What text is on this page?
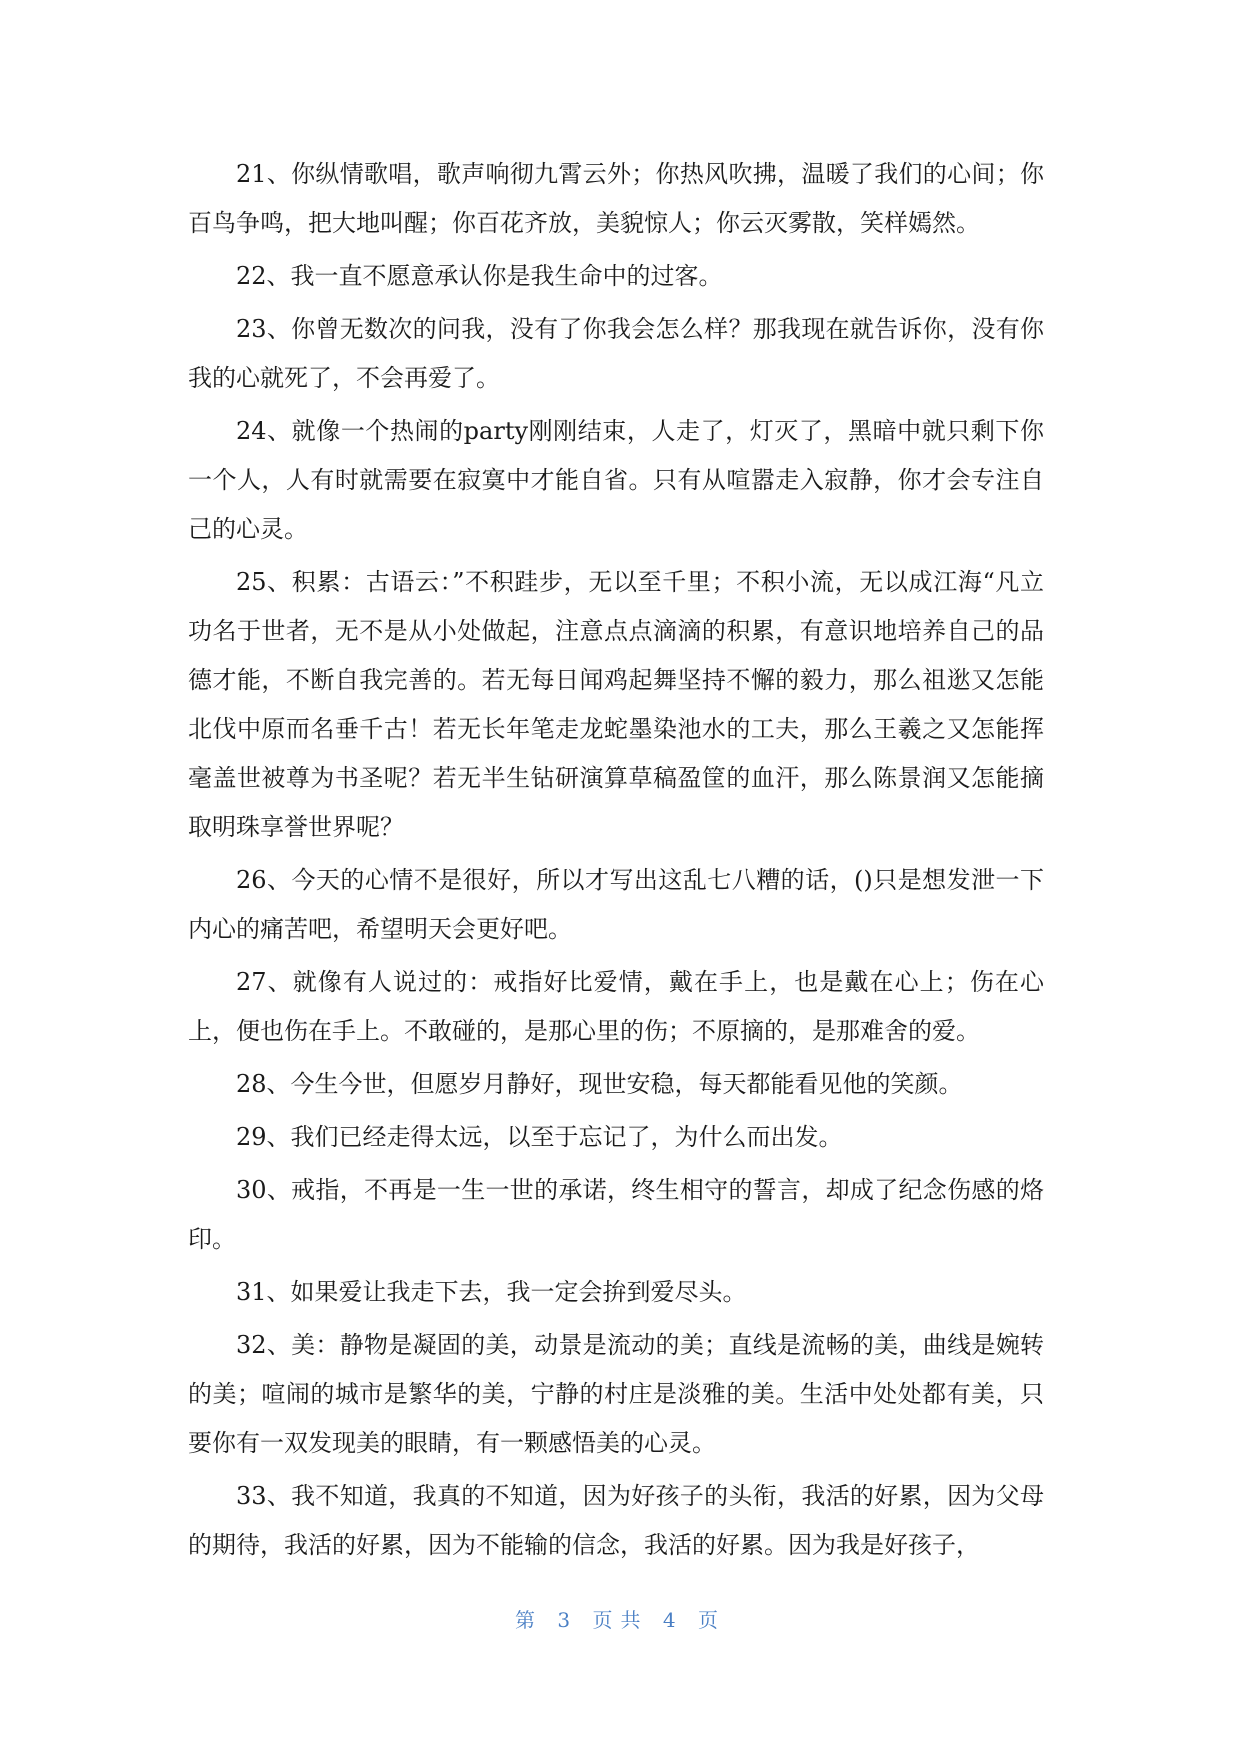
21、你纵情歌唱，歌声响彻九霄云外；你热风吹拂，温暖了我们的心间；你百鸟争鸣，把大地叫醒；你百花齐放，美貌惊人；你云灭雾散，笑样嫣然。

22、我一直不愿意承认你是我生命中的过客。

23、你曾无数次的问我，没有了你我会怎么样？那我现在就告诉你，没有你我的心就死了，不会再爱了。

24、就像一个热闹的party刚刚结束，人走了，灯灭了，黑暗中就只剩下你一个人，人有时就需要在寂寞中才能自省。只有从喧嚣走入寂静，你才会专注自己的心灵。

25、积累：古语云：”不积跬步，无以至千里；不积小流，无以成江海“凡立功名于世者，无不是从小处做起，注意点点滴滴的积累，有意识地培养自己的品德才能，不断自我完善的。若无每日闻鸡起舞坚持不懈的毅力，那么祖逖又怎能北伐中原而名垂千古！若无长年笔走龙蛇墨染池水的工夫，那么王羲之又怎能挥毫盖世被尊为书圣呢？若无半生钻研演算草稿盈筐的血汗，那么陈景润又怎能摘取明珠享誉世界呢？

26、今天的心情不是很好，所以才写出这乱七八糟的话，()只是想发泄一下内心的痛苦吧，希望明天会更好吧。

27、就像有人说过的：戒指好比爱情，戴在手上，也是戴在心上；伤在心上，便也伤在手上。不敢碰的，是那心里的伤；不原摘的，是那难舍的爱。

28、今生今世，但愿岁月静好，现世安稳，每天都能看见他的笑颜。

29、我们已经走得太远，以至于忘记了，为什么而出发。

30、戒指，不再是一生一世的承诺，终生相守的誓言，却成了纪念伤感的烙印。

31、如果爱让我走下去，我一定会拚到爱尽头。

32、美：静物是凝固的美，动景是流动的美；直线是流畅的美，曲线是婉转的美；喧闹的城市是繁华的美，宁静的村庄是淡雅的美。生活中处处都有美，只要你有一双发现美的眼睛，有一颗感悟美的心灵。

33、我不知道，我真的不知道，因为好孩子的头衔，我活的好累，因为父母的期待，我活的好累，因为不能输的信念，我活的好累。因为我是好孩子，

第 3 页共 4 页
